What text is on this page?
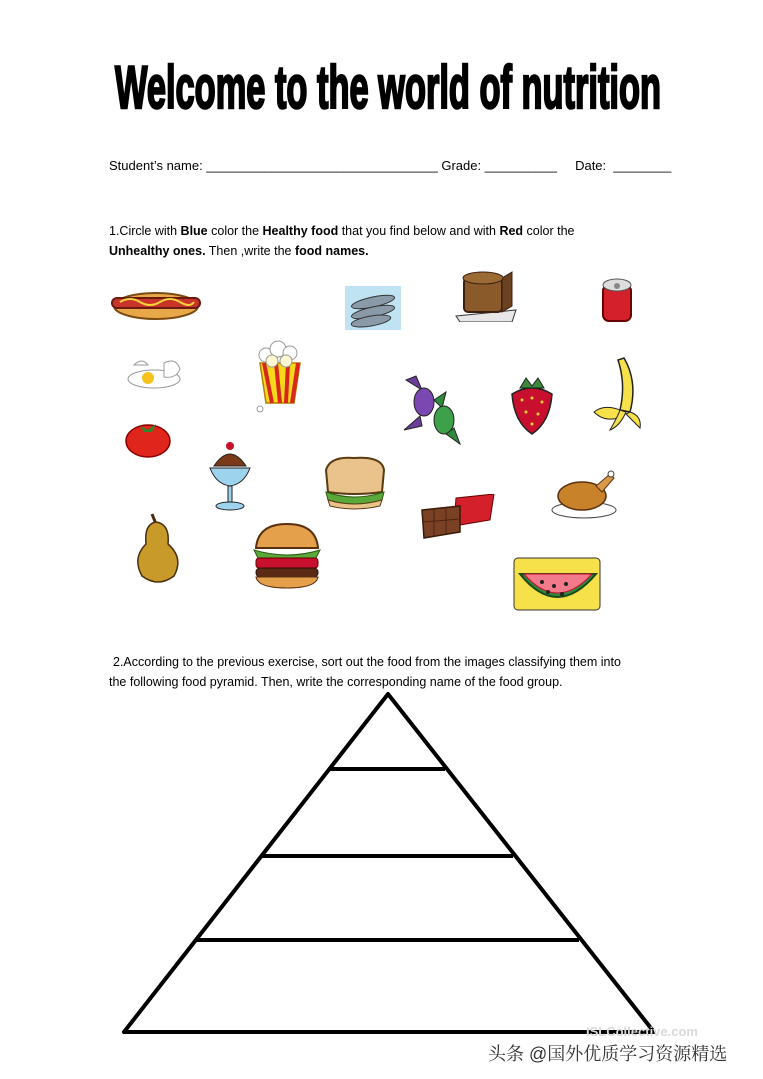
Welcome to the world of nutrition
Student’s name: ________________________________ Grade: __________ Date: ________
1.Circle with Blue color the Healthy food that you find below and with Red color the
Unhealthy ones. Then ,write the food names.
2.According to the previous exercise, sort out the food from the images classifying them into
the following food pyramid. Then, write the corresponding name of the food group.
ISLCollective.com
头条 @国外优质学习资源精选
